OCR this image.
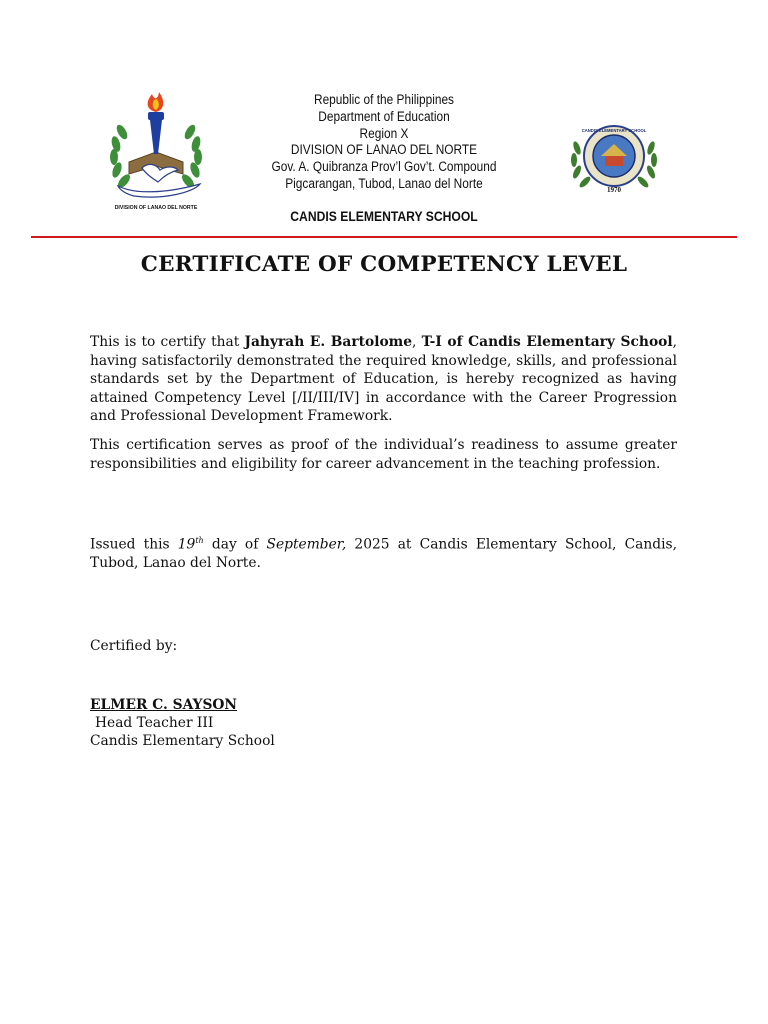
DIVISION OF LANAO DEL NORTE
Republic of the Philippines
Department of Education
Region X
DIVISION OF LANAO DEL NORTE
Gov. A. Quibranza Prov’l Gov’t. Compound
Pigcarangan, Tubod, Lanao del Norte
CANDIS ELEMENTARY SCHOOL
CANDIS ELEMENTARY SCHOOL
1970
CERTIFICATE OF COMPETENCY LEVEL
This is to certify that Jahyrah E. Bartolome, T-I of Candis Elementary School, having satisfactorily demonstrated the required knowledge, skills, and professional standards set by the Department of Education, is hereby recognized as having attained Competency Level [/II/III/IV] in accordance with the Career Progression and Professional Development Framework.
This certification serves as proof of the individual’s readiness to assume greater responsibilities and eligibility for career advancement in the teaching profession.
Issued this 19th day of September, 2025 at Candis Elementary School, Candis, Tubod, Lanao del Norte.
Certified by:
ELMER C. SAYSON
Head Teacher III
Candis Elementary School
